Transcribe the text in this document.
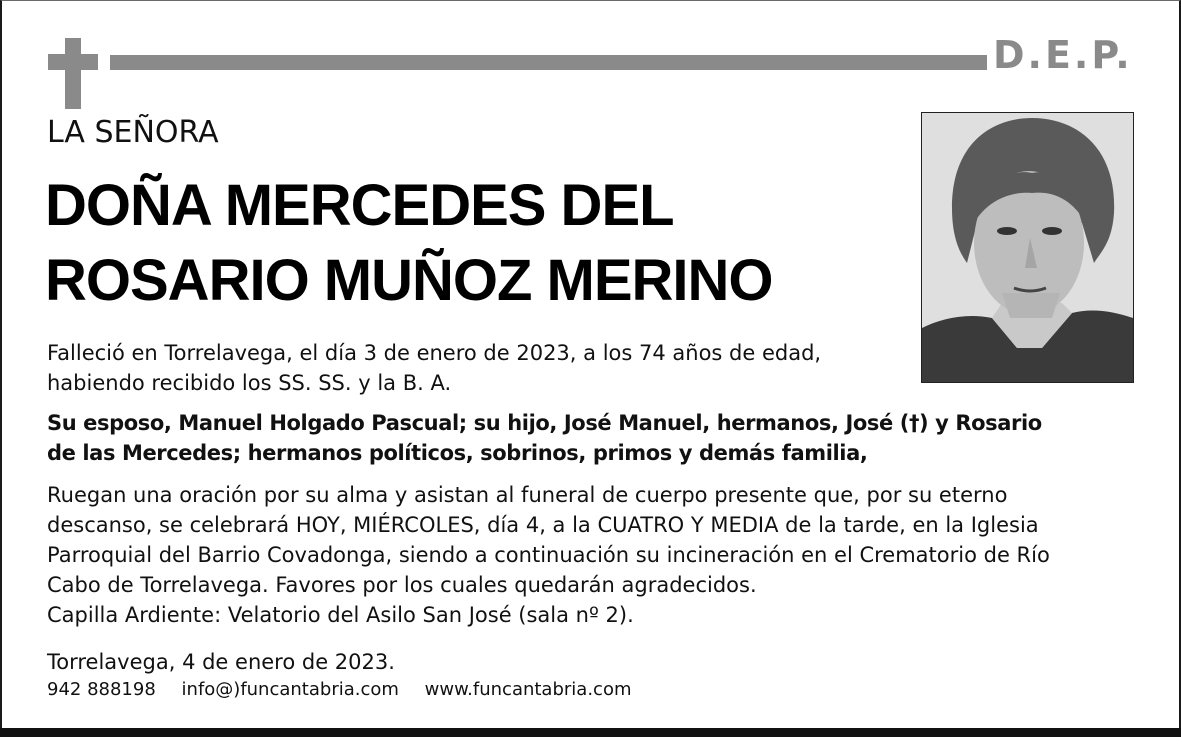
D.E.P.
LA SEÑORA
DOÑA MERCEDES DEL
ROSARIO MUÑOZ MERINO
Falleció en Torrelavega, el día 3 de enero de 2023, a los 74 años de edad,
habiendo recibido los SS. SS. y la B. A.
Su esposo, Manuel Holgado Pascual; su hijo, José Manuel, hermanos, José (†) y Rosario
de las Mercedes; hermanos políticos, sobrinos, primos y demás familia,
Ruegan una oración por su alma y asistan al funeral de cuerpo presente que, por su eterno
descanso, se celebrará HOY, MIÉRCOLES, día 4, a la CUATRO Y MEDIA de la tarde, en la Iglesia
Parroquial del Barrio Covadonga, siendo a continuación su incineración en el Crematorio de Río
Cabo de Torrelavega. Favores por los cuales quedarán agradecidos.
Capilla Ardiente: Velatorio del Asilo San José (sala nº 2).
Torrelavega, 4 de enero de 2023.
942 888198 info@)funcantabria.com www.funcantabria.com
